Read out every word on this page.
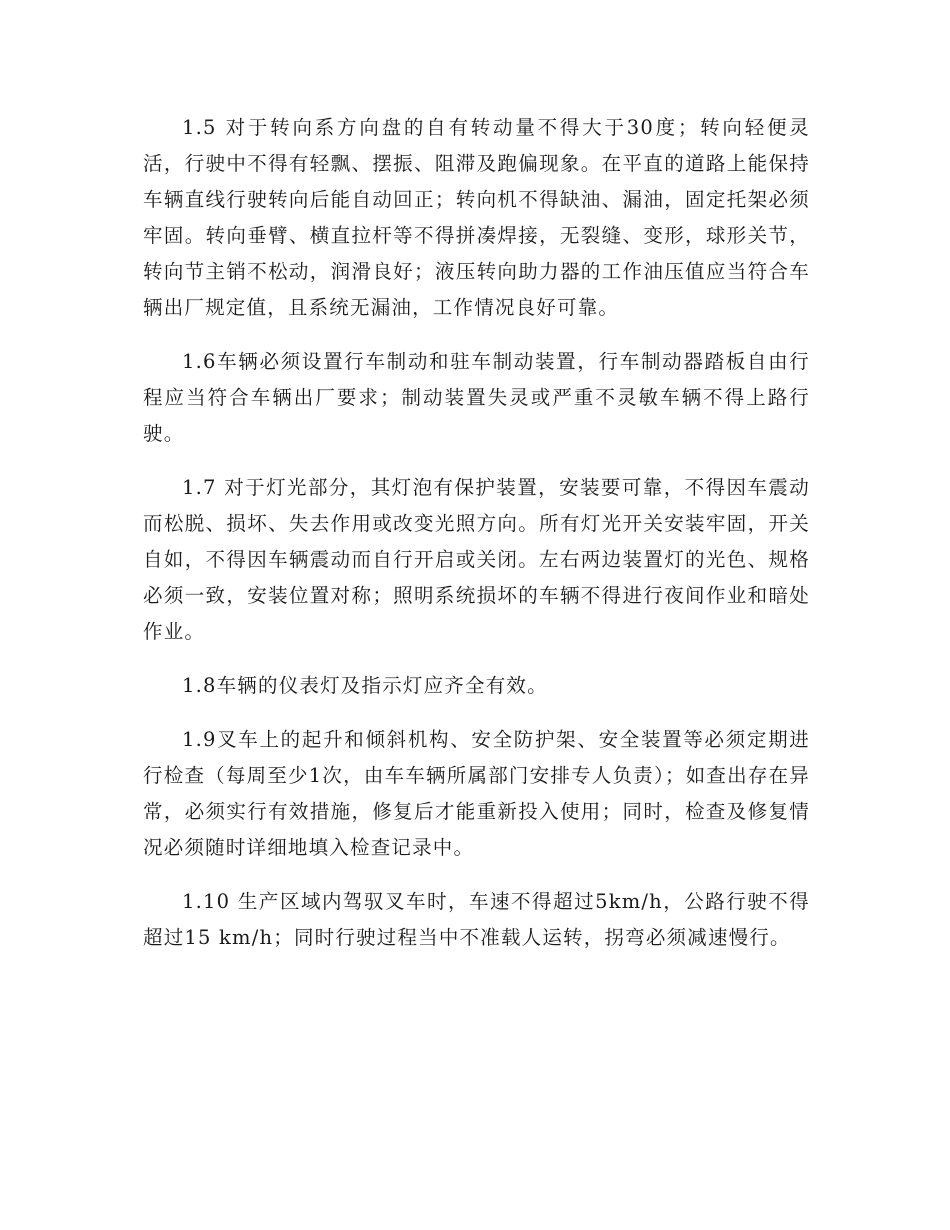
1.5 对于转向系方向盘的自有转动量不得大于30度；转向轻便灵活，行驶中不得有轻飘、摆振、阻滞及跑偏现象。在平直的道路上能保持车辆直线行驶转向后能自动回正；转向机不得缺油、漏油，固定托架必须牢固。转向垂臂、横直拉杆等不得拼凑焊接，无裂缝、变形，球形关节，转向节主销不松动，润滑良好；液压转向助力器的工作油压值应当符合车辆出厂规定值，且系统无漏油，工作情况良好可靠。

1.6车辆必须设置行车制动和驻车制动装置，行车制动器踏板自由行程应当符合车辆出厂要求；制动装置失灵或严重不灵敏车辆不得上路行驶。

1.7 对于灯光部分，其灯泡有保护装置，安装要可靠，不得因车震动而松脱、损坏、失去作用或改变光照方向。所有灯光开关安装牢固，开关自如，不得因车辆震动而自行开启或关闭。左右两边装置灯的光色、规格必须一致，安装位置对称；照明系统损坏的车辆不得进行夜间作业和暗处作业。

1.8车辆的仪表灯及指示灯应齐全有效。

1.9叉车上的起升和倾斜机构、安全防护架、安全装置等必须定期进行检查（每周至少1次，由车车辆所属部门安排专人负责）；如查出存在异常，必须实行有效措施，修复后才能重新投入使用；同时，检查及修复情况必须随时详细地填入检查记录中。

1.10 生产区域内驾驭叉车时，车速不得超过5km/h，公路行驶不得超过15 km/h；同时行驶过程当中不准载人运转，拐弯必须减速慢行。
